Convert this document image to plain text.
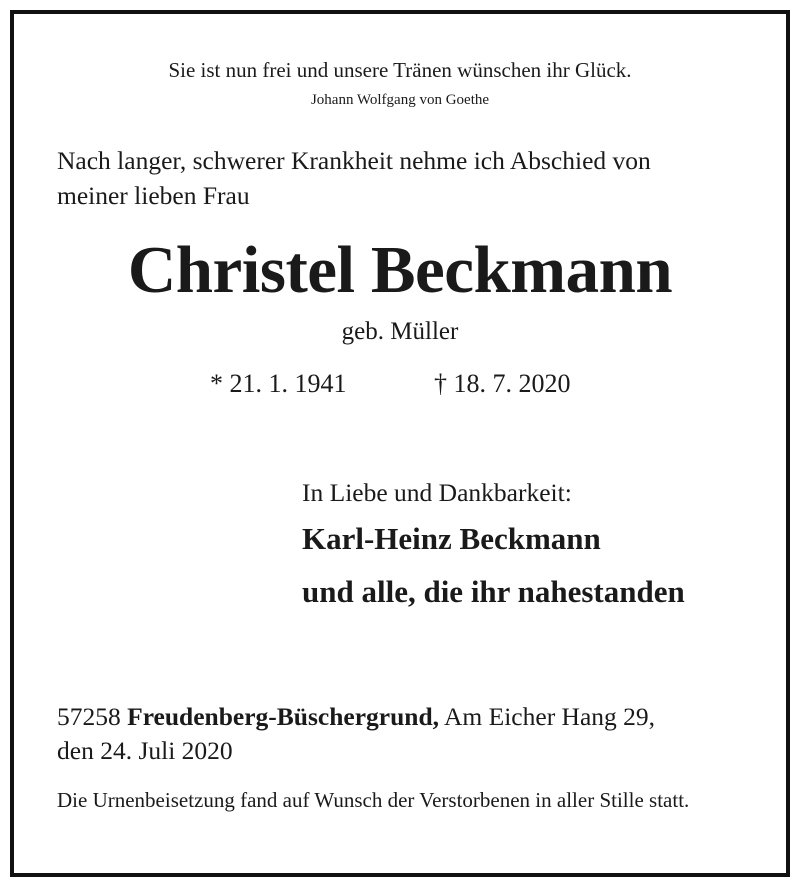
Sie ist nun frei und unsere Tränen wünschen ihr Glück.
Johann Wolfgang von Goethe
Nach langer, schwerer Krankheit nehme ich Abschied von
meiner lieben Frau
Christel Beckmann
geb. Müller
* 21. 1. 1941	† 18. 7. 2020
In Liebe und Dankbarkeit:
Karl-Heinz Beckmann
und alle, die ihr nahestanden
57258 Freudenberg-Büschergrund, Am Eicher Hang 29,
den 24. Juli 2020
Die Urnenbeisetzung fand auf Wunsch der Verstorbenen in aller Stille statt.
